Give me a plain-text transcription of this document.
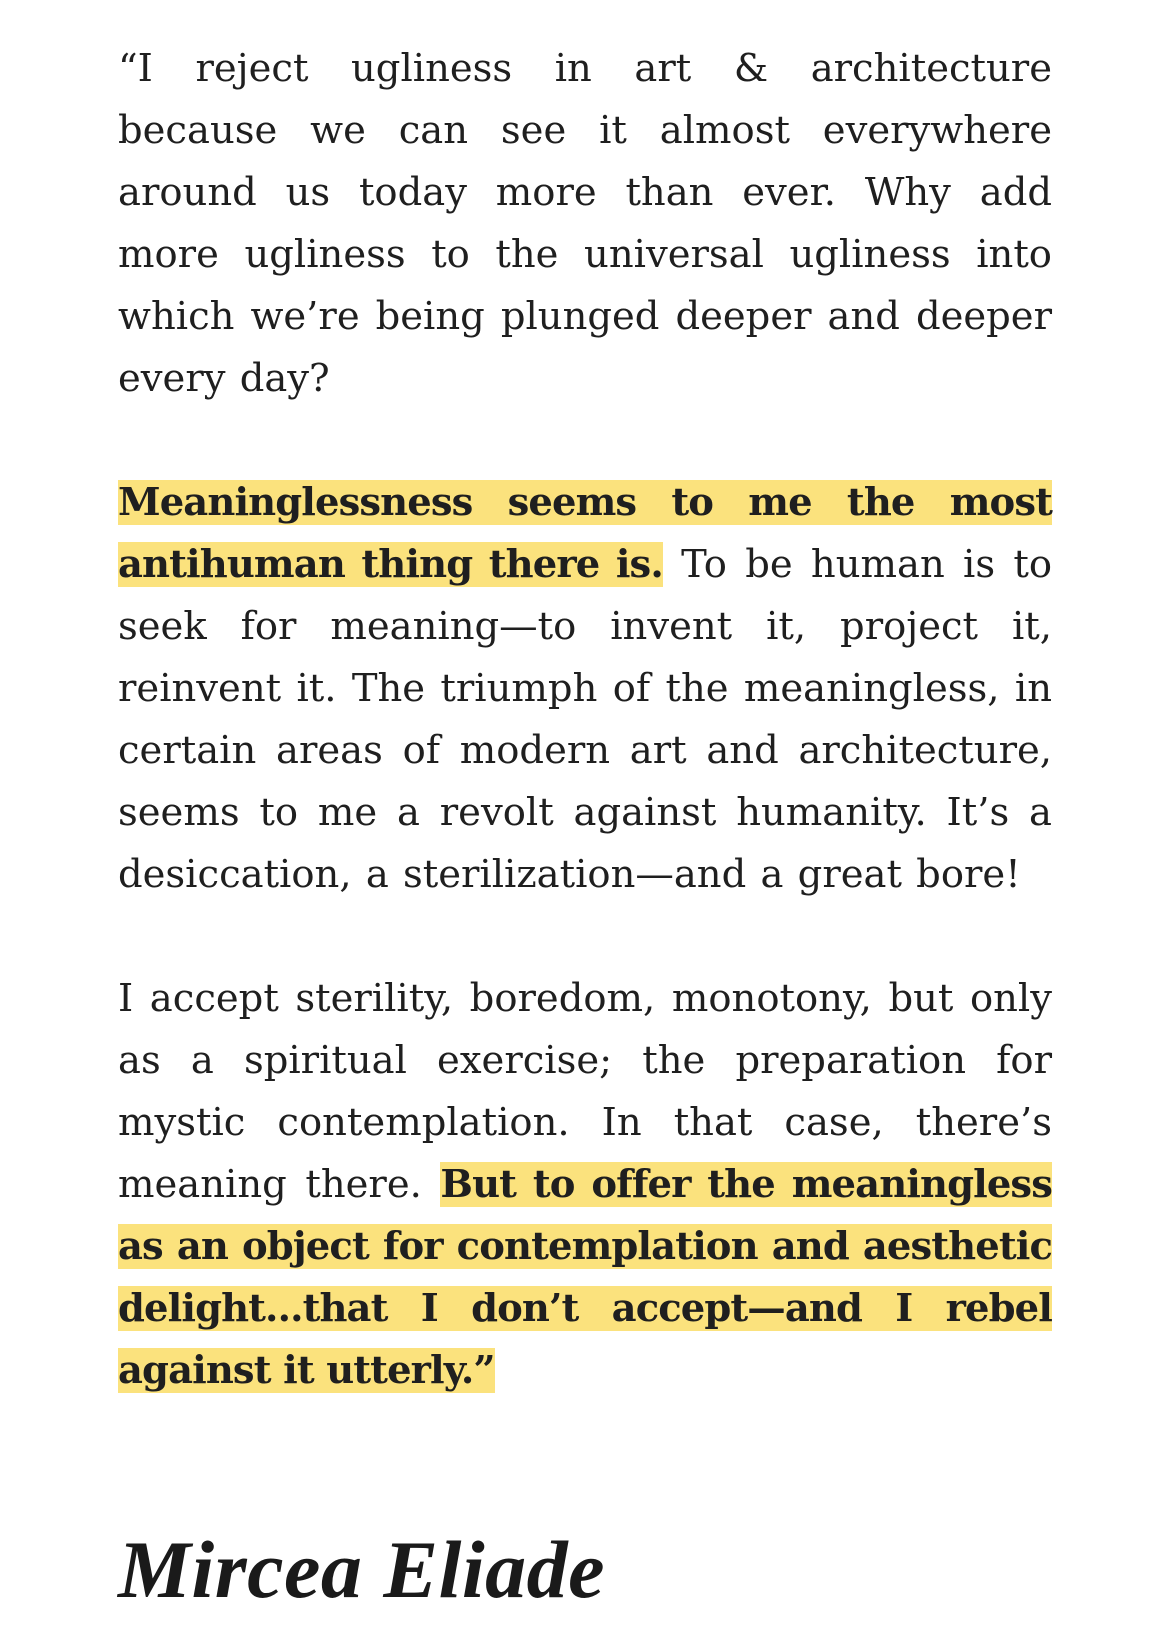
“I reject ugliness in art & architecture because we can see it almost everywhere around us today more than ever. Why add more ugliness to the universal ugliness into which we’re being plunged deeper and deeper every day?

Meaninglessness seems to me the most antihuman thing there is. To be human is to seek for meaning—to invent it, project it, reinvent it. The triumph of the meaningless, in certain areas of modern art and architecture, seems to me a revolt against humanity. It’s a desiccation, a sterilization—and a great bore!

I accept sterility, boredom, monotony, but only as a spiritual exercise; the preparation for mystic contemplation. In that case, there’s meaning there. But to offer the meaningless as an object for contemplation and aesthetic delight...that I don’t accept—and I rebel against it utterly.”

Mircea Eliade
